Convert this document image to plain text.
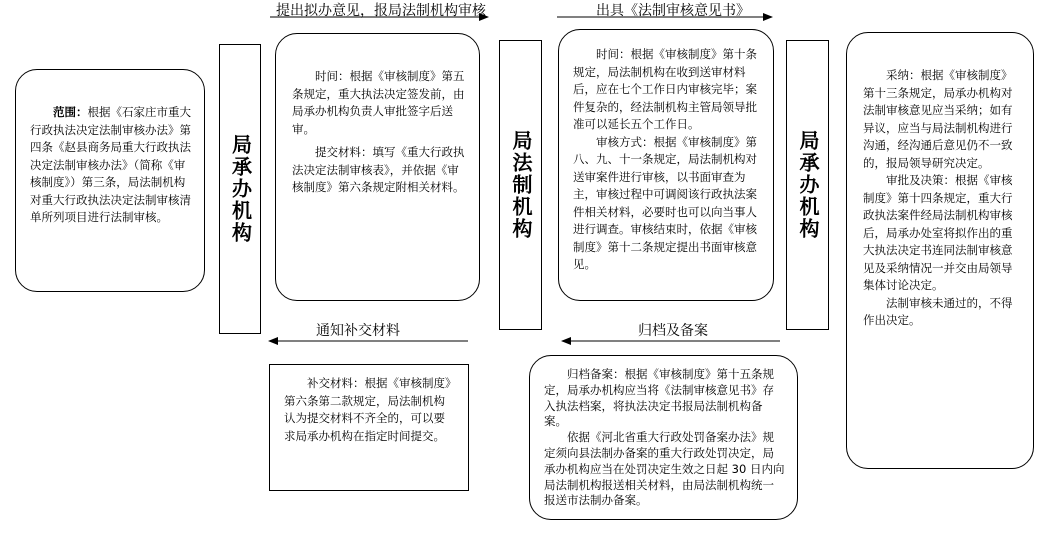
提出拟办意见，报局法制机构审核	出具《法制审核意见书》
通知补交材料	归档及备案

范围：根据《石家庄市重大行政执法决定法制审核办法》第四条《赵县商务局重大行政执法决定法制审核办法》（简称《审核制度》）第三条，局法制机构对重大行政执法决定法制审核清单所列项目进行法制审核。	局承办机构

时间：根据《审核制度》第五条规定，重大执法决定签发前，由局承办机构负责人审批签字后送审。

提交材料：填写《重大行政执法决定法制审核表》，并依据《审核制度》第六条规定附相关材料。 局法制机构

时间：根据《审核制度》第十条规定，局法制机构在收到送审材料后，应在七个工作日内审核完毕；案件复杂的，经法制机构主管局领导批准可以延长五个工作日。

审核方式：根据《审核制度》第八、九、十一条规定，局法制机构对送审案件进行审核，以书面审查为主，审核过程中可调阅该行政执法案件相关材料，必要时也可以向当事人进行调查。审核结束时，依据《审核制度》第十二条规定提出书面审核意见。

局承办机构

采纳：根据《审核制度》第十三条规定，局承办机构对法制审核意见应当采纳；如有异议，应当与局法制机构进行沟通，经沟通后意见仍不一致的，报局领导研究决定。

审批及决策：根据《审核制度》第十四条规定，重大行政执法案件经局法制机构审核后，局承办处室将拟作出的重大执法决定书连同法制审核意见及采纳情况一并交由局领导集体讨论决定。

法制审核未通过的，不得作出决定。

补交材料：根据《审核制度》第六条第二款规定，局法制机构认为提交材料不齐全的，可以要求局承办机构在指定时间提交。

归档备案：根据《审核制度》第十五条规定，局承办机构应当将《法制审核意见书》存入执法档案，将执法决定书报局法制机构备案。

依据《河北省重大行政处罚备案办法》规定须向县法制办备案的重大行政处罚决定，局承办机构应当在处罚决定生效之日起 30 日内向局法制机构报送相关材料，由局法制机构统一报送市法制办备案。
